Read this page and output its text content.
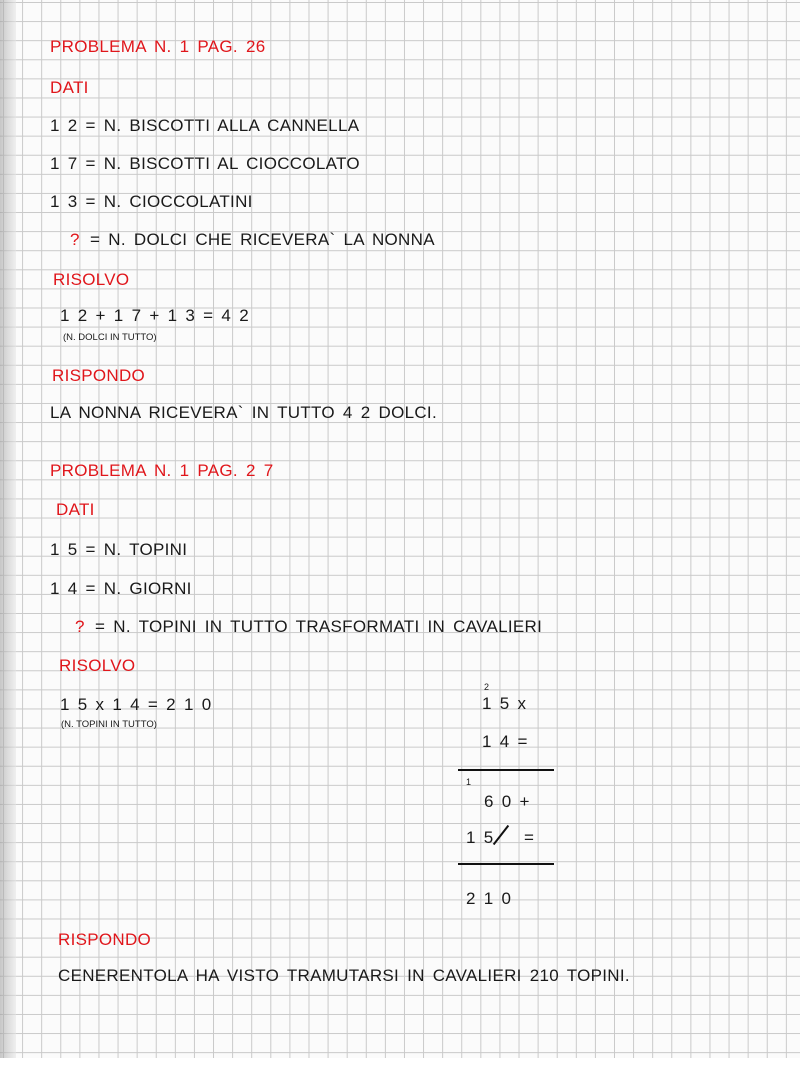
PROBLEMA N. 1 PAG. 26
DATI
1 2 = N. BISCOTTI ALLA CANNELLA
1 7 = N. BISCOTTI AL CIOCCOLATO
1 3 = N. CIOCCOLATINI
? = N. DOLCI CHE RICEVERA` LA NONNA
RISOLVO
1 2 + 1 7 + 1 3 = 4 2
(N. DOLCI IN TUTTO)
RISPONDO
LA NONNA RICEVERA` IN TUTTO 4 2 DOLCI.
PROBLEMA N. 1 PAG. 2 7
DATI
1 5 = N. TOPINI
1 4 = N. GIORNI
? = N. TOPINI IN TUTTO TRASFORMATI IN CAVALIERI
RISOLVO
1 5 x 1 4 = 2 1 0
(N. TOPINI IN TUTTO)
2
1 5 x
1 4 =
1
6 0 +
1 5 =
2 1 0
RISPONDO
CENERENTOLA HA VISTO TRAMUTARSI IN CAVALIERI 210 TOPINI.
